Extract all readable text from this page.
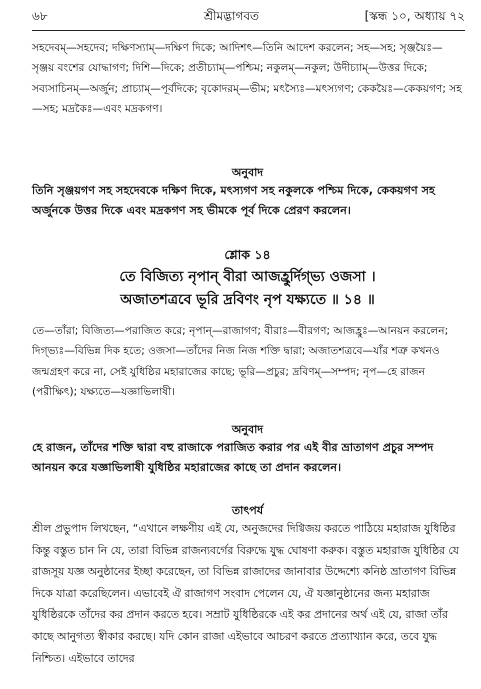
৬৮	শ্রীমদ্ভাগবত	[স্কন্ধ ১০, অধ্যায় ৭২
সহদেবম্—সহদেব; দক্ষিণস্যাম্—দক্ষিণ দিকে; আদিশৎ—তিনি আদেশ করলেন; সহ—সহ; সৃঞ্জয়ৈঃ—সৃঞ্জয় বংশের যোদ্ধাগণ; দিশি—দিকে; প্রতীচ্যাম্—পশ্চিম; নকুলম্—নকুল; উদীচ্যাম্—উত্তর দিকে; সব্যসাচিনম্—অর্জুন; প্রাচ্যাম্—পূর্বদিকে; বৃকোদরম্—ভীম; মৎস্যৈঃ—মৎস্যগণ; কেকয়ৈঃ—কেকয়গণ; সহ—সহ; মদ্রকৈঃ—এবং মদ্রকগণ।
অনুবাদ
তিনি সৃঞ্জয়গণ সহ সহদেবকে দক্ষিণ দিকে, মৎস্যগণ সহ নকুলকে পশ্চিম দিকে, কেকয়গণ সহ অর্জুনকে উত্তর দিকে এবং মদ্রকগণ সহ ভীমকে পূর্ব দিকে প্রেরণ করলেন।
শ্লোক ১৪
তে বিজিত্য নৃপান্ বীরা আজহ্রুর্দিগ্‌ভ্য ওজসা ।
অজাতশত্রবে ভূরি দ্রবিণং নৃপ যক্ষ্যতে ॥ ১৪ ॥
তে—তাঁরা; বিজিত্য—পরাজিত করে; নৃপান্—রাজাগণ; বীরাঃ—বীরগণ; আজহ্রুঃ—আনয়ন করলেন; দিগ্‌ভ্যঃ—বিভিন্ন দিক হতে; ওজসা—তাঁদের নিজ নিজ শক্তি দ্বারা; অজাতশত্রবে—যাঁর শত্রু কখনও জন্মগ্রহণ করে না, সেই যুধিষ্ঠির মহারাজের কাছে; ভূরি—প্রচুর; দ্রবিণম্—সম্পদ; নৃপ—হে রাজন (পরীক্ষিৎ); যক্ষ্যতে—যজ্ঞাভিলাষী।
অনুবাদ
হে রাজন, তাঁদের শক্তি দ্বারা বহু রাজাকে পরাজিত করার পর এই বীর ভ্রাতাগণ প্রচুর সম্পদ আনয়ন করে যজ্ঞাভিলাষী যুধিষ্ঠির মহারাজের কাছে তা প্রদান করলেন।
তাৎপর্য
শ্রীল প্রভুপাদ লিখছেন, “এখানে লক্ষণীয় এই যে, অনুজদের দিগ্বিজয় করতে পাঠিয়ে মহারাজ যুধিষ্ঠির কিন্তু বস্তুত চান নি যে, তারা বিভিন্ন রাজন্যবর্গের বিরুদ্ধে যুদ্ধ ঘোষণা করুক। বস্তুত মহারাজ যুধিষ্ঠির যে রাজসূয় যজ্ঞ অনুষ্ঠানের ইচ্ছা করেছেন, তা বিভিন্ন রাজাদের জানাবার উদ্দেশ্যে কনিষ্ঠ ভ্রাতাগণ বিভিন্ন দিকে যাত্রা করেছিলেন। এভাবেই ঐ রাজাগণ সংবাদ পেলেন যে, ঐ যজ্ঞানুষ্ঠানের জন্য মহারাজ যুধিষ্ঠিরকে তাঁদের কর প্রদান করতে হবে। সম্রাট যুধিষ্ঠিরকে এই কর প্রদানের অর্থ এই যে, রাজা তাঁর কাছে আনুগত্য স্বীকার করছে। যদি কোন রাজা এইভাবে আচরণ করতে প্রত্যাখ্যান করে, তবে যুদ্ধ নিশ্চিত। এইভাবে তাদের
